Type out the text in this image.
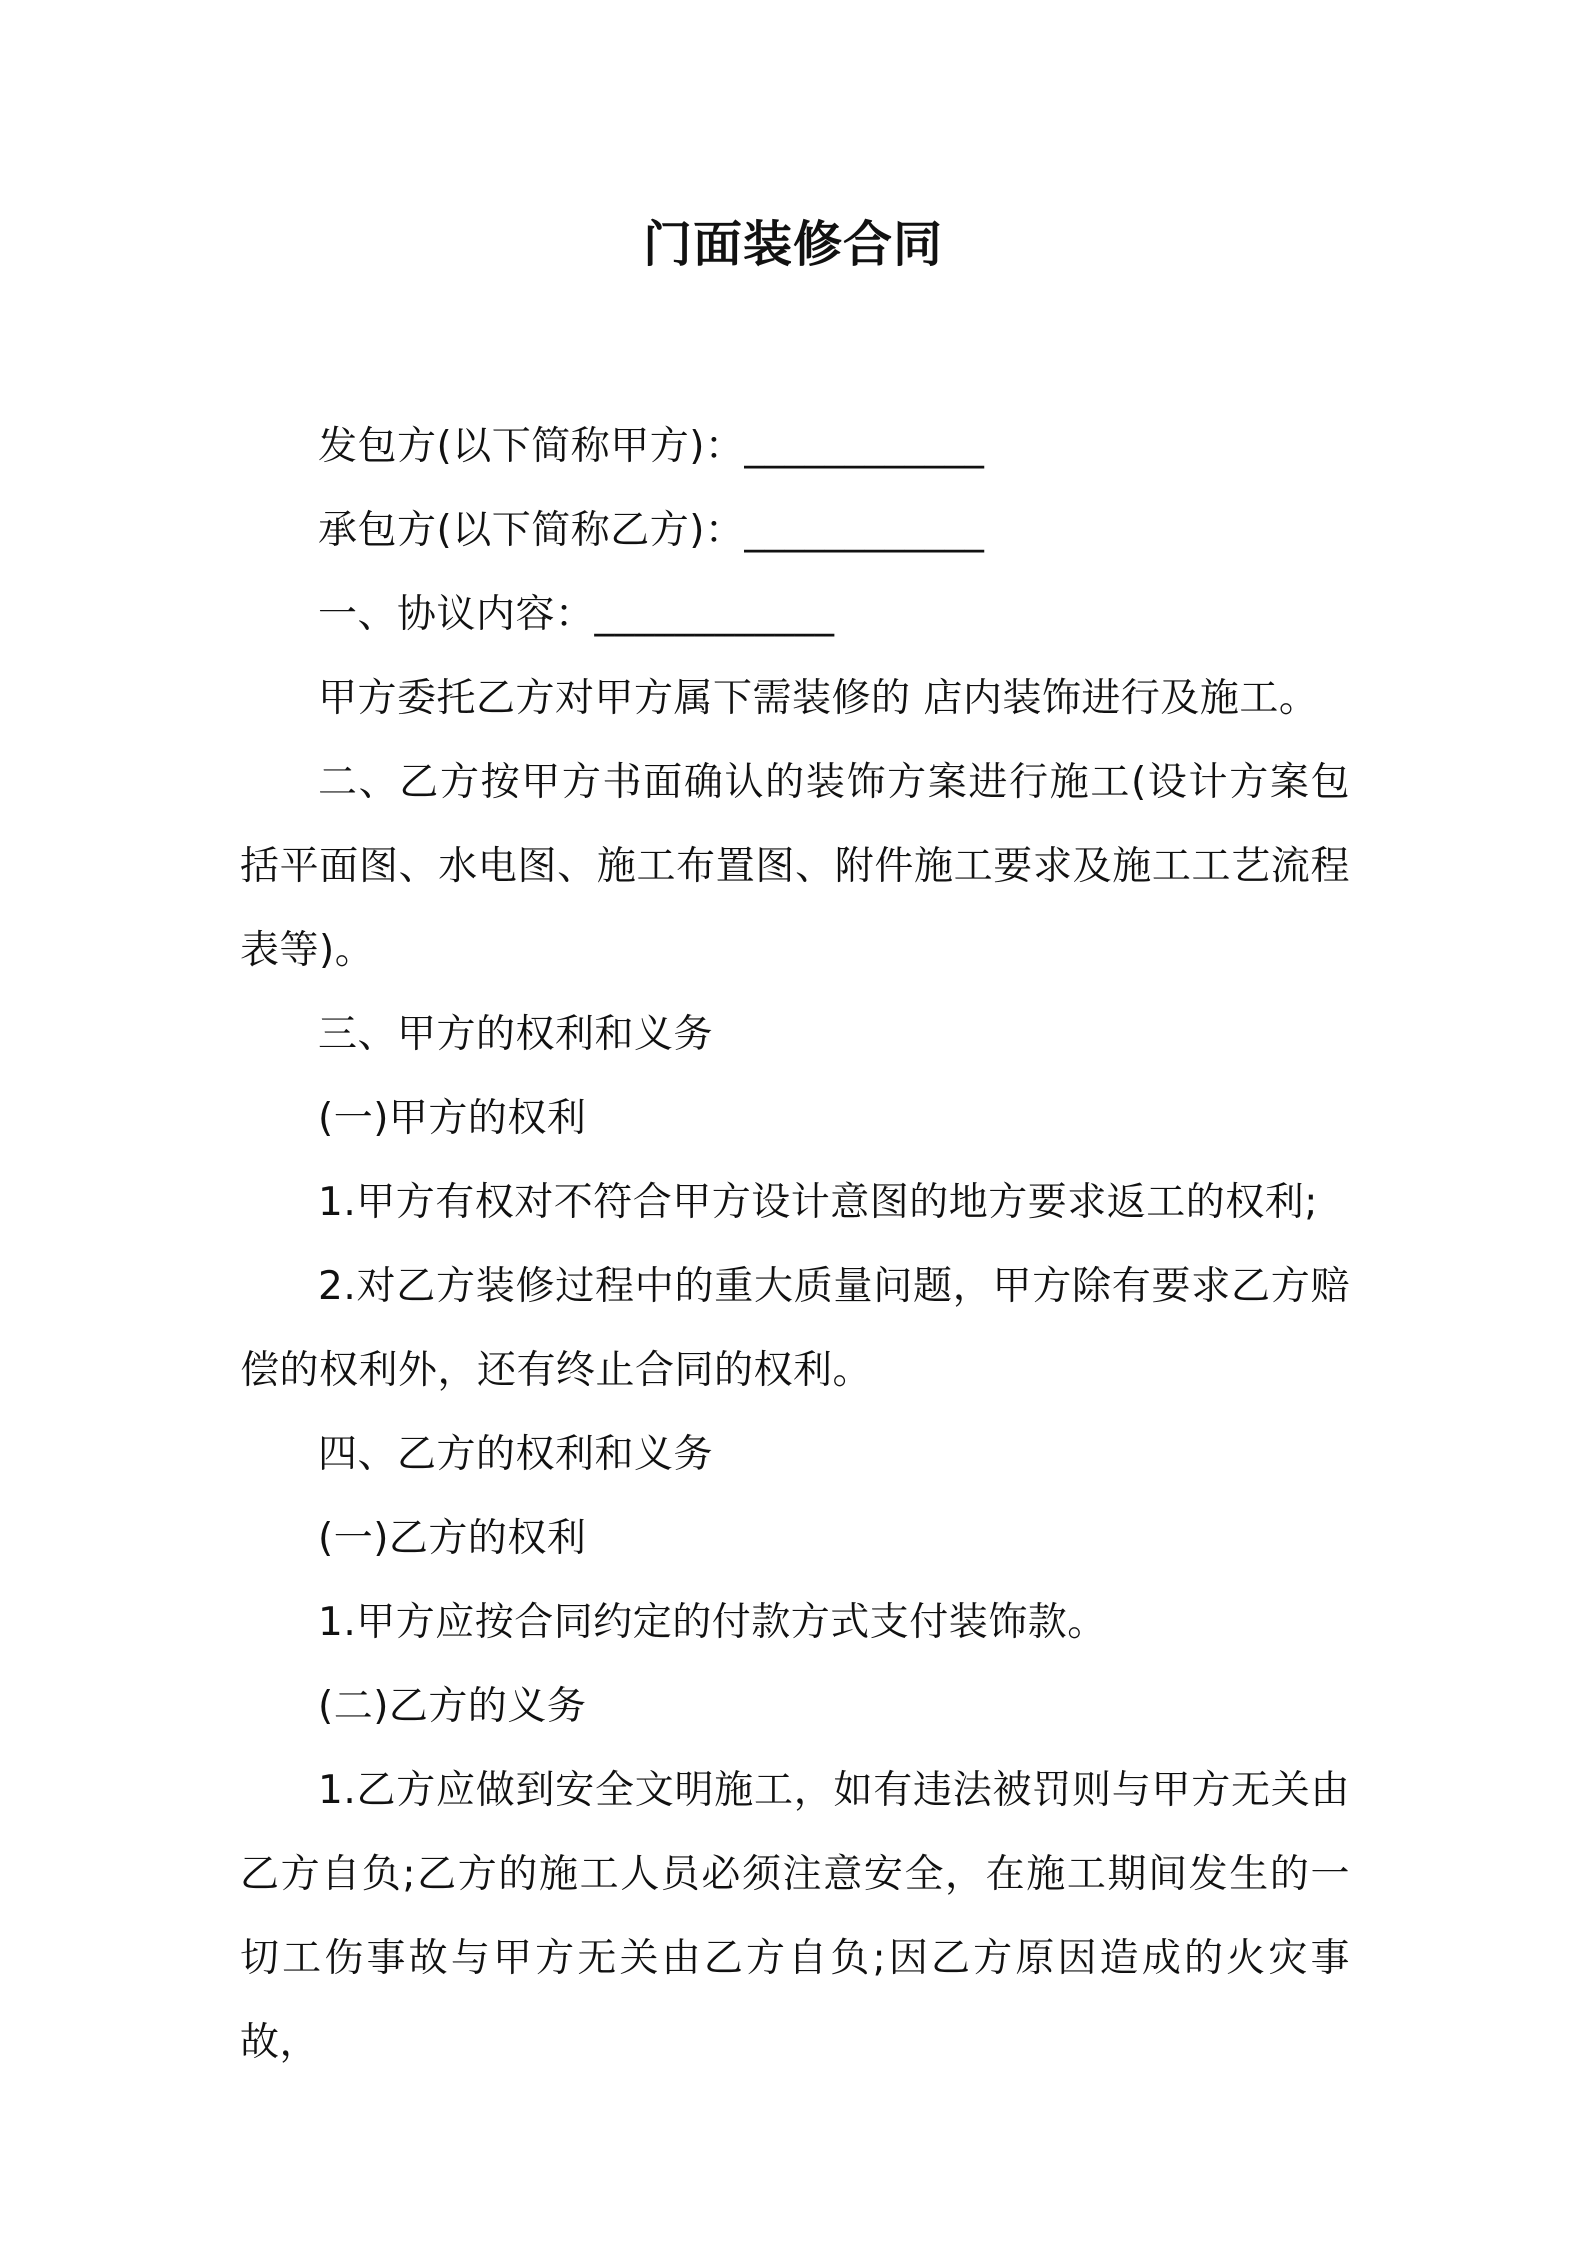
门面装修合同

发包方(以下简称甲方)：____________

承包方(以下简称乙方)：____________

一、协议内容：____________

甲方委托乙方对甲方属下需装修的 店内装饰进行及施工。

二、乙方按甲方书面确认的装饰方案进行施工(设计方案包括平面图、水电图、施工布置图、附件施工要求及施工工艺流程表等)。

三、甲方的权利和义务

(一)甲方的权利

1.甲方有权对不符合甲方设计意图的地方要求返工的权利;

2.对乙方装修过程中的重大质量问题，甲方除有要求乙方赔偿的权利外，还有终止合同的权利。

四、乙方的权利和义务

(一)乙方的权利

1.甲方应按合同约定的付款方式支付装饰款。

(二)乙方的义务

1.乙方应做到安全文明施工，如有违法被罚则与甲方无关由乙方自负;乙方的施工人员必须注意安全，在施工期间发生的一切工伤事故与甲方无关由乙方自负;因乙方原因造成的火灾事故，
